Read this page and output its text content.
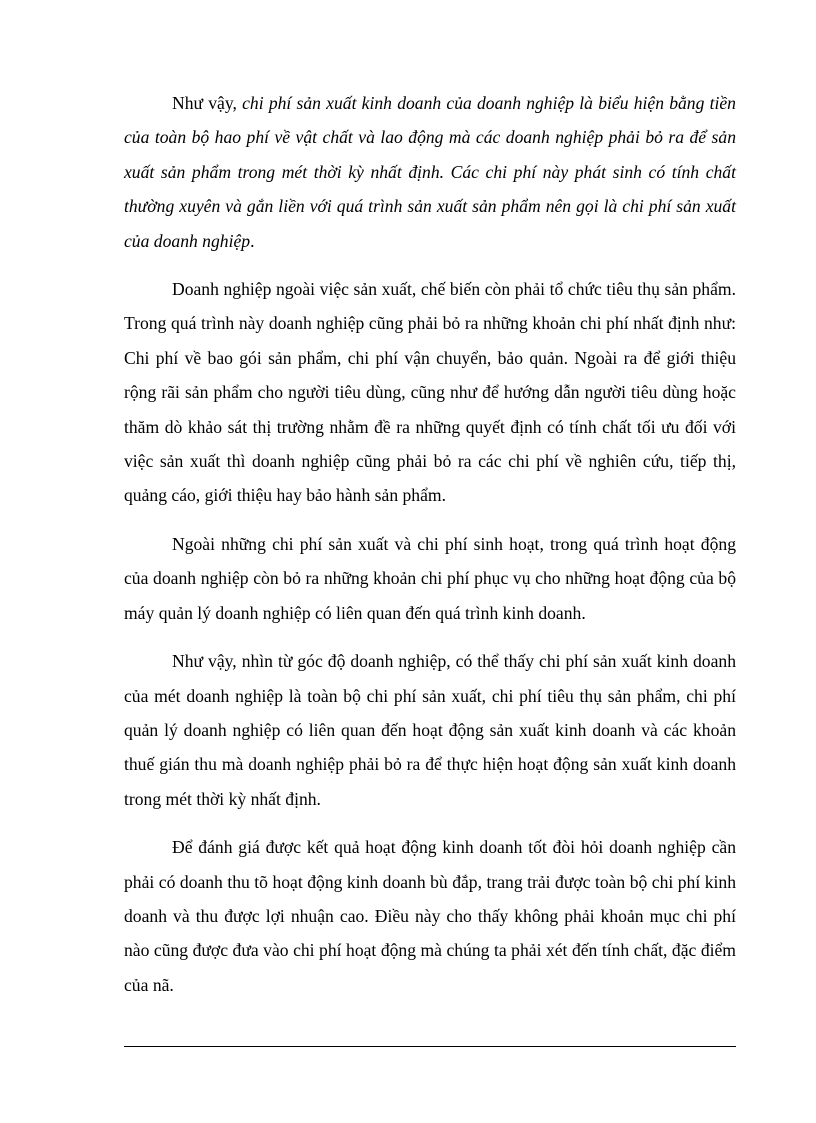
Như vậy, chi phí sản xuất kinh doanh của doanh nghiệp là biểu hiện bằng tiền của toàn bộ hao phí về vật chất và lao động mà các doanh nghiệp phải bỏ ra để sản xuất sản phẩm trong mét thời kỳ nhất định. Các chi phí này phát sinh có tính chất thường xuyên và gắn liền với quá trình sản xuất sản phẩm nên gọi là chi phí sản xuất của doanh nghiệp.

Doanh nghiệp ngoài việc sản xuất, chế biến còn phải tổ chức tiêu thụ sản phẩm. Trong quá trình này doanh nghiệp cũng phải bỏ ra những khoản chi phí nhất định như: Chi phí về bao gói sản phẩm, chi phí vận chuyển, bảo quản. Ngoài ra để giới thiệu rộng rãi sản phẩm cho người tiêu dùng, cũng như để hướng dẫn người tiêu dùng hoặc thăm dò khảo sát thị trường nhằm đề ra những quyết định có tính chất tối ưu đối với việc sản xuất thì doanh nghiệp cũng phải bỏ ra các chi phí về nghiên cứu, tiếp thị, quảng cáo, giới thiệu hay bảo hành sản phẩm.

Ngoài những chi phí sản xuất và chi phí sinh hoạt, trong quá trình hoạt động của doanh nghiệp còn bỏ ra những khoản chi phí phục vụ cho những hoạt động của bộ máy quản lý doanh nghiệp có liên quan đến quá trình kinh doanh.

Như vậy, nhìn từ góc độ doanh nghiệp, có thể thấy chi phí sản xuất kinh doanh của mét doanh nghiệp là toàn bộ chi phí sản xuất, chi phí tiêu thụ sản phẩm, chi phí quản lý doanh nghiệp có liên quan đến hoạt động sản xuất kinh doanh và các khoản thuế gián thu mà doanh nghiệp phải bỏ ra để thực hiện hoạt động sản xuất kinh doanh trong mét thời kỳ nhất định.

Để đánh giá được kết quả hoạt động kinh doanh tốt đòi hỏi doanh nghiệp cần phải có doanh thu tõ hoạt động kinh doanh bù đắp, trang trải được toàn bộ chi phí kinh doanh và thu được lợi nhuận cao. Điều này cho thấy không phải khoản mục chi phí nào cũng được đưa vào chi phí hoạt động mà chúng ta phải xét đến tính chất, đặc điểm của nã.
